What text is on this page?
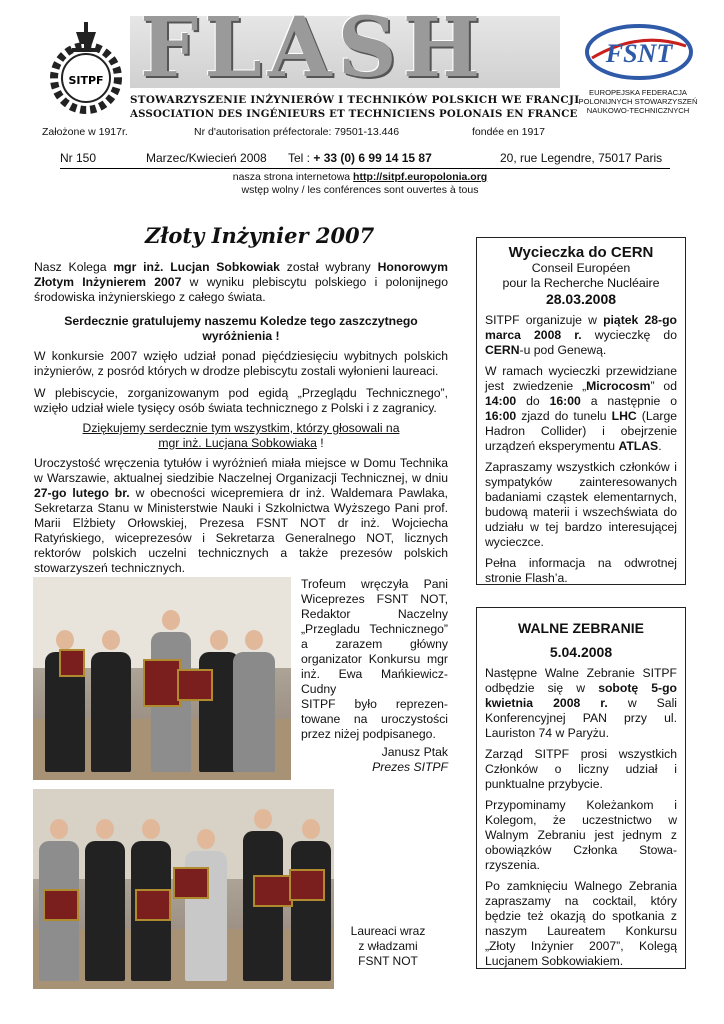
SITPF FLASH
STOWARZYSZENIE INŻYNIERÓW I TECHNIKÓW POLSKICH WE FRANCJI
ASSOCIATION DES INGÉNIEURS ET TECHNICIENS POLONAIS EN FRANCE
FSNT
EUROPEJSKA FEDERACJA
POLONIJNYCH STOWARZYSZEŃ
NAUKOWO-TECHNICZNYCH
Założone w 1917r.	Nr d'autorisation préfectorale: 79501-13.446	fondée en 1917
Nr 150	Marzec/Kwiecień 2008 Tel : + 33 (0) 6 99 14 15 87	20, rue Legendre, 75017 Paris
nasza strona internetowa http://sitpf.europolonia.org
wstęp wolny / les conférences sont ouvertes à tous
Złoty Inżynier 2007

Nasz Kolega mgr inż. Lucjan Sobkowiak został wybrany Honorowym Złotym Inżynierem 2007 w wyniku plebiscytu polskiego i polonijnego środowiska inżynierskiego z całego świata.

Serdecznie gratulujemy naszemu Koledze tego zaszczytnego wyróżnienia !

W konkursie 2007 wzięło udział ponad pięćdziesięciu wybitnych polskich inżynierów, z posród których w drodze plebiscytu zostali wyłonieni laureaci.

W plebiscycie, zorganizowanym pod egidą „Przeglądu Technicznego”, wzięło udział wiele tysięcy osób świata technicznego z Polski i z zagranicy.

Dziękujemy serdecznie tym wszystkim, którzy głosowali na
mgr inż. Lucjana Sobkowiaka !

Uroczystość wręczenia tytułów i wyróżnień miała miejsce w Domu Technika w Warszawie, aktualnej siedzibie Naczelnej Organizacji Technicznej, w dniu 27-go lutego br. w obecności wicepremiera dr inż. Waldemara Pawlaka, Sekretarza Stanu w Ministerstwie Nauki i Szkolnictwa Wyższego Pani prof. Marii Elżbiety Orłowskiej, Prezesa FSNT NOT dr inż. Wojciecha Ratyńskiego, wiceprezesów i Sekretarza Generalnego NOT, licznych rektorów polskich uczelni technicznych a także prezesów polskich stowarzyszeń technicznych.

Trofeum wręczyła Pani Wiceprezes FSNT NOT, Redaktor Naczelny „Przegladu Technicznego” a zarazem główny organizator Konkursu mgr inż. Ewa Mańkiewicz-Cudny

SITPF było reprezen-towane na uroczystości przez niżej podpisanego.

Janusz Ptak
Prezes SITPF
Laureaci wraz
z władzami
FSNT NOT
Wycieczka do CERN
Conseil Européen
pour la Recherche Nucléaire
28.03.2008

SITPF organizuje w piątek 28-go marca 2008 r. wycieczkę do CERN-u pod Genewą.

W ramach wycieczki przewidziane jest zwiedzenie „Microcosm” od 14:00 do 16:00 a następnie o 16:00 zjazd do tunelu LHC (Large Hadron Collider) i obejrzenie urządzeń eksperymentu ATLAS.

Zapraszamy wszystkich członków i sympatyków zainteresowanych badaniami cząstek elementarnych, budową materii i wszechświata do udziału w tej bardzo interesującej wycieczce.

Pełna informacja na odwrotnej stronie Flash’a.

WALNE ZEBRANIE
5.04.2008

Następne Walne Zebranie SITPF odbędzie się w sobotę 5-go kwietnia 2008 r. w Sali Konferencyjnej PAN przy ul. Lauriston 74 w Paryżu.

Zarząd SITPF prosi wszystkich Członków o liczny udział i punktualne przybycie.

Przypominamy Koleżankom i Kolegom, że uczestnictwo w Walnym Zebraniu jest jednym z obowiązków Członka Stowa-rzyszenia.

Po zamknięciu Walnego Zebrania zapraszamy na cocktail, który będzie też okazją do spotkania z naszym Laureatem Konkursu „Złoty Inżynier 2007”, Kolegą Lucjanem Sobkowiakiem.
